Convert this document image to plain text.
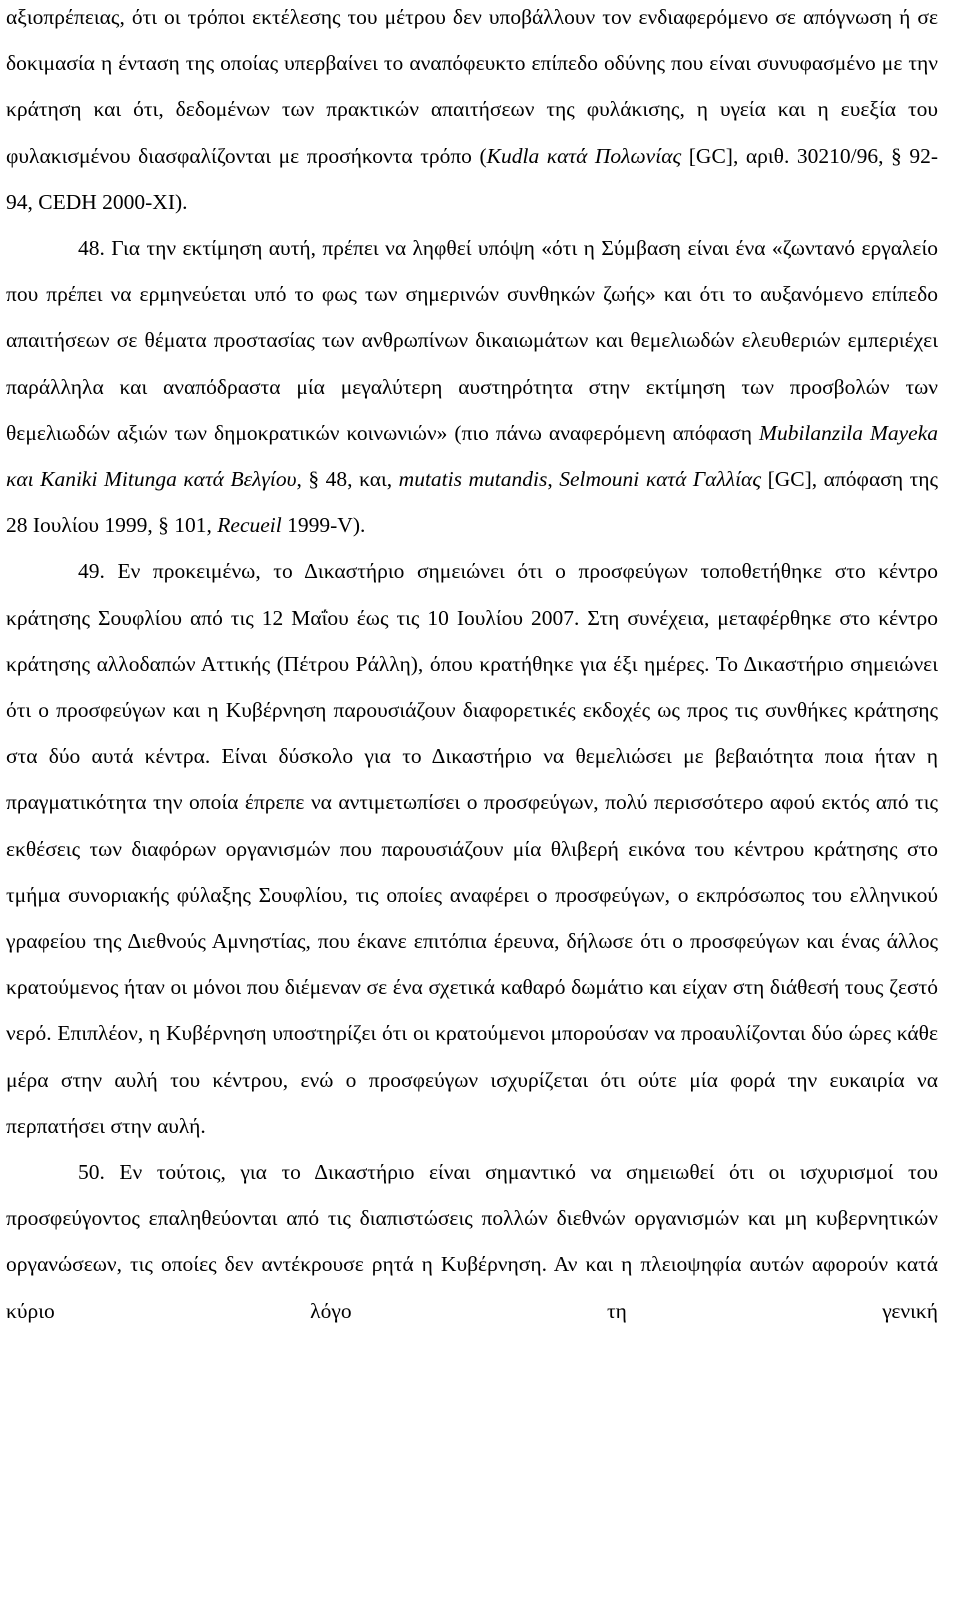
αξιοπρέπειας, ότι οι τρόποι εκτέλεσης του μέτρου δεν υποβάλλουν τον ενδιαφερόμενο σε απόγνωση ή σε δοκιμασία η ένταση της οποίας υπερβαίνει το αναπόφευκτο επίπεδο οδύνης που είναι συνυφασμένο με την κράτηση και ότι, δεδομένων των πρακτικών απαιτήσεων της φυλάκισης, η υγεία και η ευεξία του φυλακισμένου διασφαλίζονται με προσήκοντα τρόπο (Kudla κατά Πολωνίας [GC], αριθ. 30210/96, § 92-94, CEDH 2000-XI).

48. Για την εκτίμηση αυτή, πρέπει να ληφθεί υπόψη «ότι η Σύμβαση είναι ένα «ζωντανό εργαλείο που πρέπει να ερμηνεύεται υπό το φως των σημερινών συνθηκών ζωής» και ότι το αυξανόμενο επίπεδο απαιτήσεων σε θέματα προστασίας των ανθρωπίνων δικαιωμάτων και θεμελιωδών ελευθεριών εμπεριέχει παράλληλα και αναπόδραστα μία μεγαλύτερη αυστηρότητα στην εκτίμηση των προσβολών των θεμελιωδών αξιών των δημοκρατικών κοινωνιών» (πιο πάνω αναφερόμενη απόφαση Mubilanzila Mayeka και Kaniki Mitunga κατά Βελγίου, § 48, και, mutatis mutandis, Selmouni κατά Γαλλίας [GC], απόφαση της 28 Ιουλίου 1999, § 101, Recueil 1999-V).

49. Εν προκειμένω, το Δικαστήριο σημειώνει ότι ο προσφεύγων τοποθετήθηκε στο κέντρο κράτησης Σουφλίου από τις 12 Μαΐου έως τις 10 Ιουλίου 2007. Στη συνέχεια, μεταφέρθηκε στο κέντρο κράτησης αλλοδαπών Αττικής (Πέτρου Ράλλη), όπου κρατήθηκε για έξι ημέρες. Το Δικαστήριο σημειώνει ότι ο προσφεύγων και η Κυβέρνηση παρουσιάζουν διαφορετικές εκδοχές ως προς τις συνθήκες κράτησης στα δύο αυτά κέντρα. Είναι δύσκολο για το Δικαστήριο να θεμελιώσει με βεβαιότητα ποια ήταν η πραγματικότητα την οποία έπρεπε να αντιμετωπίσει ο προσφεύγων, πολύ περισσότερο αφού εκτός από τις εκθέσεις των διαφόρων οργανισμών που παρουσιάζουν μία θλιβερή εικόνα του κέντρου κράτησης στο τμήμα συνοριακής φύλαξης Σουφλίου, τις οποίες αναφέρει ο προσφεύγων, ο εκπρόσωπος του ελληνικού γραφείου της Διεθνούς Αμνηστίας, που έκανε επιτόπια έρευνα, δήλωσε ότι ο προσφεύγων και ένας άλλος κρατούμενος ήταν οι μόνοι που διέμεναν σε ένα σχετικά καθαρό δωμάτιο και είχαν στη διάθεσή τους ζεστό νερό. Επιπλέον, η Κυβέρνηση υποστηρίζει ότι οι κρατούμενοι μπορούσαν να προαυλίζονται δύο ώρες κάθε μέρα στην αυλή του κέντρου, ενώ ο προσφεύγων ισχυρίζεται ότι ούτε μία φορά την ευκαιρία να περπατήσει στην αυλή.

50. Εν τούτοις, για το Δικαστήριο είναι σημαντικό να σημειωθεί ότι οι ισχυρισμοί του προσφεύγοντος επαληθεύονται από τις διαπιστώσεις πολλών διεθνών οργανισμών και μη κυβερνητικών οργανώσεων, τις οποίες δεν αντέκρουσε ρητά η Κυβέρνηση. Αν και η πλειοψηφία αυτών αφορούν κατά κύριο λόγο τη γενική
